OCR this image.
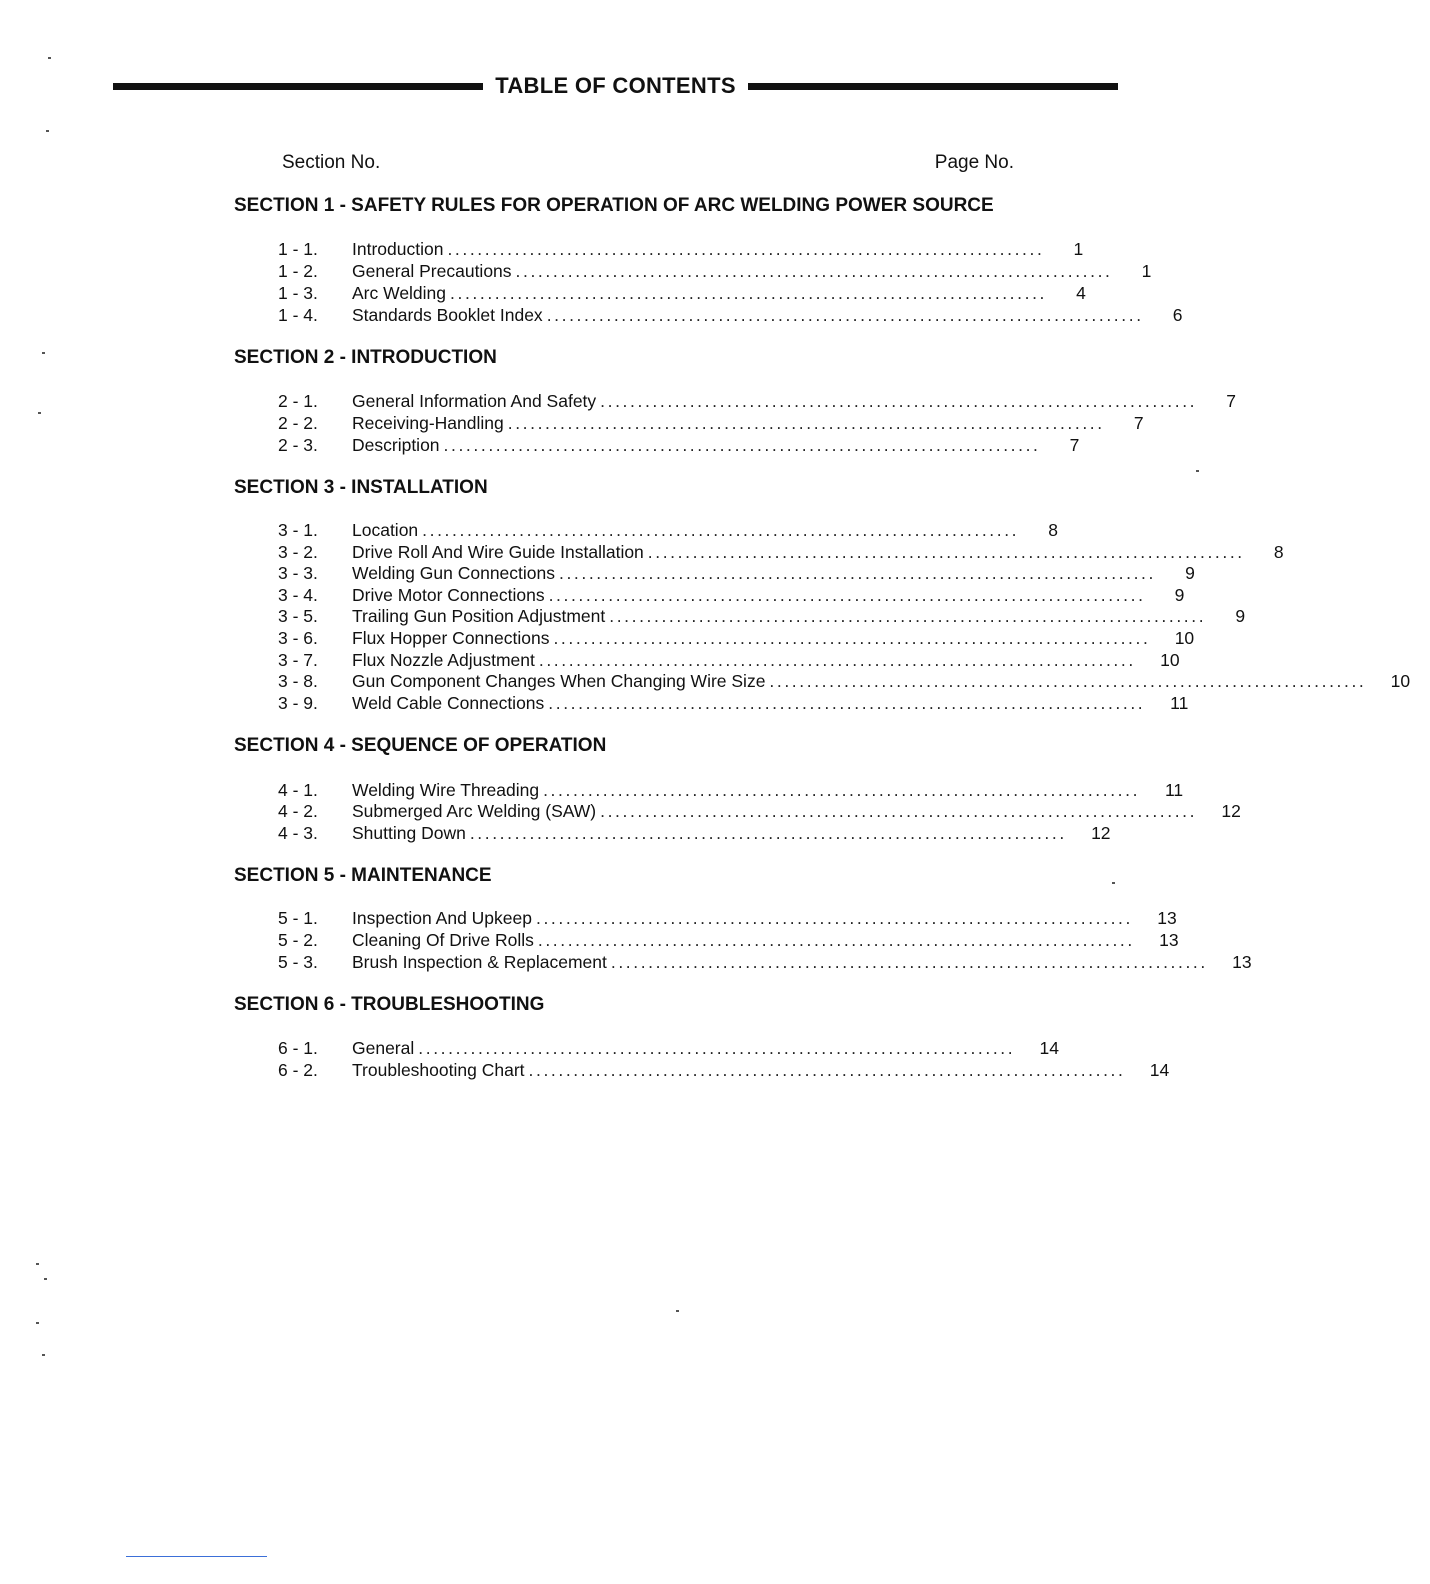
TABLE OF CONTENTS
Section No.	Page No.
SECTION 1 - SAFETY RULES FOR OPERATION OF ARC WELDING POWER SOURCE
1 - 1.	Introduction ................................................................................	1
1 - 2.	General Precautions ................................................................................	1
1 - 3.	Arc Welding ................................................................................	4
1 - 4.	Standards Booklet Index ................................................................................	6
SECTION 2 - INTRODUCTION
2 - 1.	General Information And Safety ................................................................................	7
2 - 2.	Receiving-Handling ................................................................................	7
2 - 3.	Description ................................................................................	7
SECTION 3 - INSTALLATION
3 - 1.	Location ................................................................................	8
3 - 2.	Drive Roll And Wire Guide Installation ................................................................................	8
3 - 3.	Welding Gun Connections ................................................................................	9
3 - 4.	Drive Motor Connections ................................................................................	9
3 - 5.	Trailing Gun Position Adjustment ................................................................................	9
3 - 6.	Flux Hopper Connections ................................................................................	10
3 - 7.	Flux Nozzle Adjustment ................................................................................	10
3 - 8.	Gun Component Changes When Changing Wire Size ................................................................................	10
3 - 9.	Weld Cable Connections ................................................................................	11
SECTION 4 - SEQUENCE OF OPERATION
4 - 1.	Welding Wire Threading ................................................................................	11
4 - 2.	Submerged Arc Welding (SAW) ................................................................................	12
4 - 3.	Shutting Down ................................................................................	12
SECTION 5 - MAINTENANCE
5 - 1.	Inspection And Upkeep ................................................................................	13
5 - 2.	Cleaning Of Drive Rolls ................................................................................	13
5 - 3.	Brush Inspection & Replacement ................................................................................	13
SECTION 6 - TROUBLESHOOTING
6 - 1.	General ................................................................................	14
6 - 2.	Troubleshooting Chart ................................................................................	14
